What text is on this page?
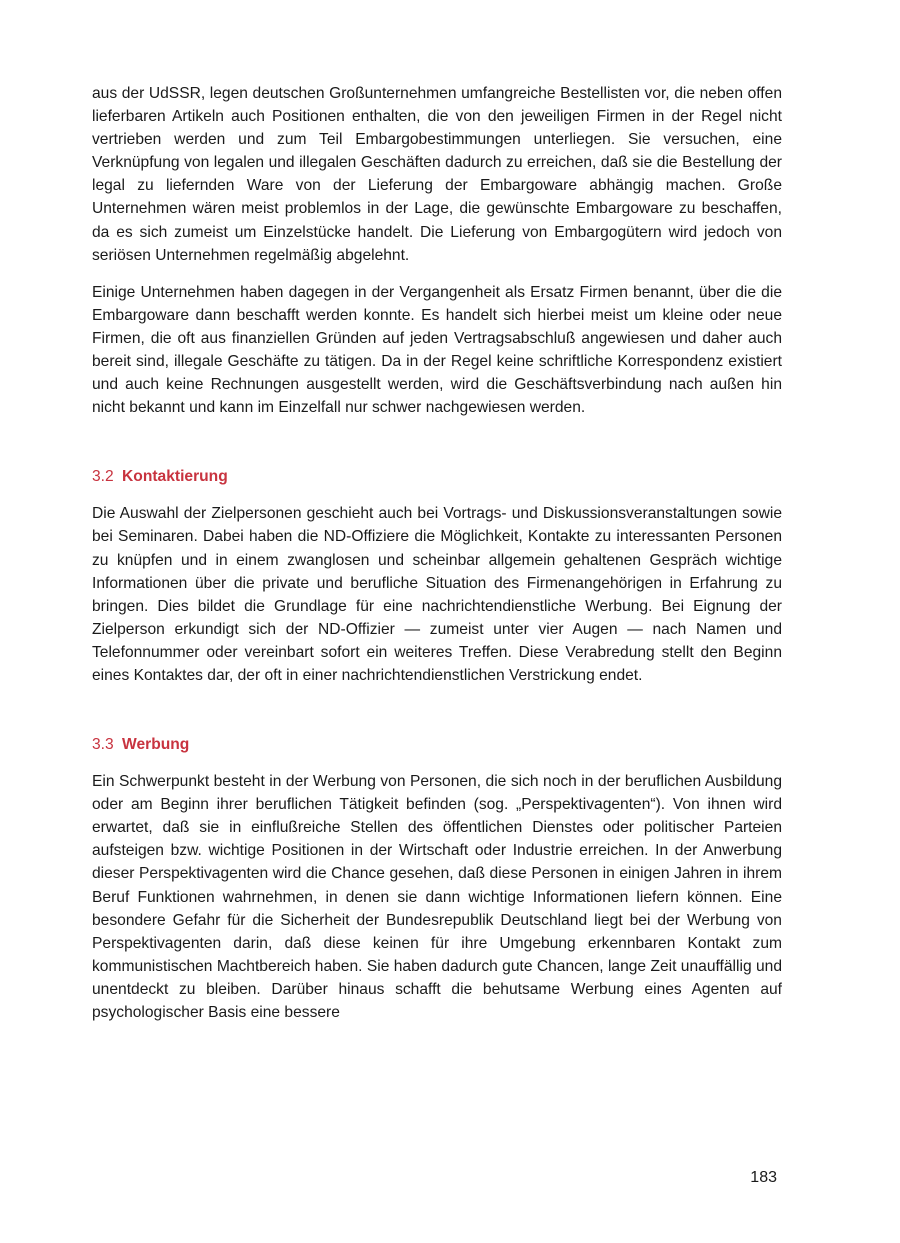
aus der UdSSR, legen deutschen Großunternehmen umfangreiche Bestellisten vor, die neben offen lieferbaren Artikeln auch Positionen enthalten, die von den jeweiligen Firmen in der Regel nicht vertrieben werden und zum Teil Embargobestimmungen unterliegen. Sie versuchen, eine Verknüpfung von legalen und illegalen Geschäften dadurch zu erreichen, daß sie die Bestellung der legal zu liefernden Ware von der Lieferung der Embargoware abhängig machen. Große Unternehmen wären meist problemlos in der Lage, die gewünschte Embargoware zu beschaffen, da es sich zumeist um Einzelstücke handelt. Die Lieferung von Embargogütern wird jedoch von seriösen Unternehmen regelmäßig abgelehnt.

Einige Unternehmen haben dagegen in der Vergangenheit als Ersatz Firmen benannt, über die die Embargoware dann beschafft werden konnte. Es handelt sich hierbei meist um kleine oder neue Firmen, die oft aus finanziellen Gründen auf jeden Vertragsabschluß angewiesen und daher auch bereit sind, illegale Geschäfte zu tätigen. Da in der Regel keine schriftliche Korrespondenz existiert und auch keine Rechnungen ausgestellt werden, wird die Geschäftsverbindung nach außen hin nicht bekannt und kann im Einzelfall nur schwer nachgewiesen werden.

3.2 Kontaktierung

Die Auswahl der Zielpersonen geschieht auch bei Vortrags- und Diskussionsveranstaltungen sowie bei Seminaren. Dabei haben die ND-Offiziere die Möglichkeit, Kontakte zu interessanten Personen zu knüpfen und in einem zwanglosen und scheinbar allgemein gehaltenen Gespräch wichtige Informationen über die private und berufliche Situation des Firmenangehörigen in Erfahrung zu bringen. Dies bildet die Grundlage für eine nachrichtendienstliche Werbung. Bei Eignung der Zielperson erkundigt sich der ND-Offizier — zumeist unter vier Augen — nach Namen und Telefonnummer oder vereinbart sofort ein weiteres Treffen. Diese Verabredung stellt den Beginn eines Kontaktes dar, der oft in einer nachrichtendienstlichen Verstrickung endet.

3.3 Werbung

Ein Schwerpunkt besteht in der Werbung von Personen, die sich noch in der beruflichen Ausbildung oder am Beginn ihrer beruflichen Tätigkeit befinden (sog. „Perspektivagenten“). Von ihnen wird erwartet, daß sie in einflußreiche Stellen des öffentlichen Dienstes oder politischer Parteien aufsteigen bzw. wichtige Positionen in der Wirtschaft oder Industrie erreichen. In der Anwerbung dieser Perspektivagenten wird die Chance gesehen, daß diese Personen in einigen Jahren in ihrem Beruf Funktionen wahrnehmen, in denen sie dann wichtige Informationen liefern können. Eine besondere Gefahr für die Sicherheit der Bundesrepublik Deutschland liegt bei der Werbung von Perspektivagenten darin, daß diese keinen für ihre Umgebung erkennbaren Kontakt zum kommunistischen Machtbereich haben. Sie haben dadurch gute Chancen, lange Zeit unauffällig und unentdeckt zu bleiben. Darüber hinaus schafft die behutsame Werbung eines Agenten auf psychologischer Basis eine bessere

183
